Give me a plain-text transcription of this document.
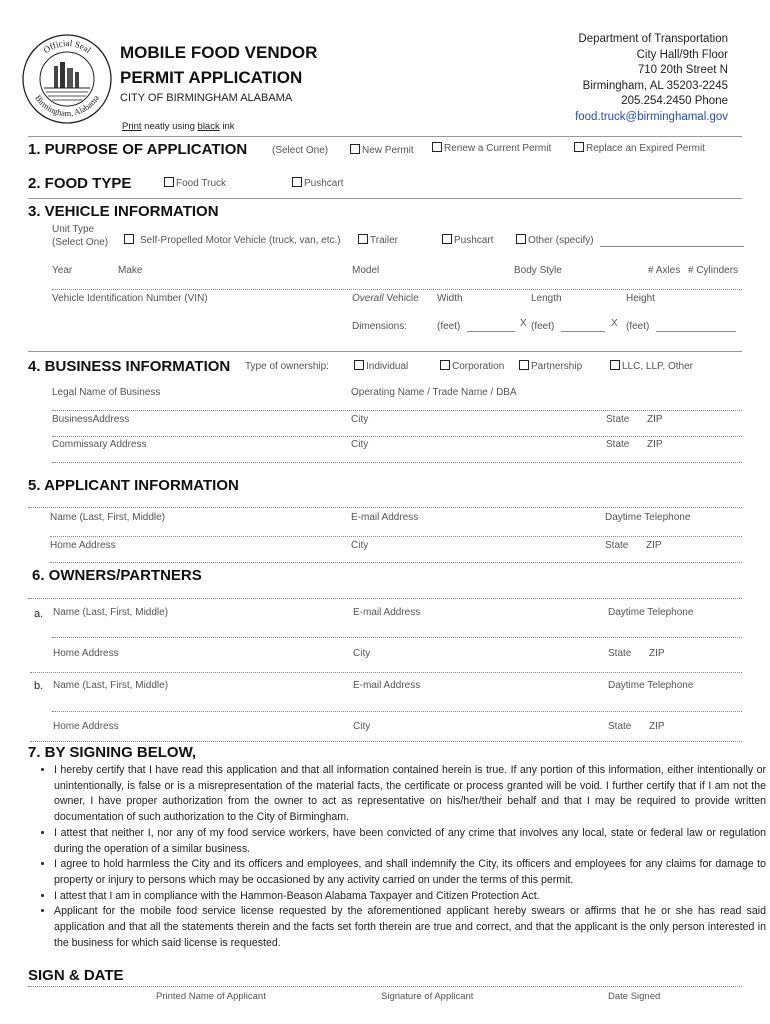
Official Seal
Birmingham, Alabama
MOBILE FOOD VENDOR
PERMIT APPLICATION
CITY OF BIRMINGHAM ALABAMA
Print neatly using black ink
Department of Transportation
City Hall/9th Floor
710 20th Street N
Birmingham, AL 35203-2245
205.254.2450 Phone
food.truck@birminghamal.gov
1. PURPOSE OF APPLICATION (Select One)	New Permit	Renew a Current Permit	Replace an Expired Permit
2. FOOD TYPE	Food Truck	Pushcart
3. VEHICLE INFORMATION
Unit Type
(Select One)	Self-Propelled Motor Vehicle (truck, van, etc.)	Trailer	Pushcart	Other (specify)
Year	Make	Model	Body Style	# Axles # Cylinders
Vehicle Identification Number (VIN)	Overall Vehicle Width	Length	Height
Dimensions:	(feet)	X (feet)	X (feet)
4. BUSINESS INFORMATION Type of ownership:	Individual	Corporation	Partnership	LLC, LLP, Other
Legal Name of Business	Operating Name / Trade Name / DBA
BusinessAddress	City	State ZIP
Commissary Address	City	State ZIP
5. APPLICANT INFORMATION
Name (Last, First, Middle)	E-mail Address	Daytime Telephone
Home Address	City	State ZIP
6. OWNERS/PARTNERS
a. Name (Last, First, Middle)	E-mail Address	Daytime Telephone
Home Address	City	State ZIP
b. Name (Last, First, Middle)	E-mail Address	Daytime Telephone
Home Address	City	State ZIP
7. BY SIGNING BELOW,
• I hereby certify that I have read this application and that all information contained herein is true. If any portion of this information, either intentionally or unintentionally, is false or is a misrepresentation of the material facts, the certificate or process granted will be void. I further certify that if I am not the owner, I have proper authorization from the owner to act as representative on his/her/their behalf and that I may be required to provide written documentation of such authorization to the City of Birmingham.
• I attest that neither I, nor any of my food service workers, have been convicted of any crime that involves any local, state or federal law or regulation during the operation of a similar business.
• I agree to hold harmless the City and its officers and employees, and shall indemnify the City, its officers and employees for any claims for damage to property or injury to persons which may be occasioned by any activity carried on under the terms of this permit.
• I attest that I am in compliance with the Hammon-Beason Alabama Taxpayer and Citizen Protection Act.
• Applicant for the mobile food service license requested by the aforementioned applicant hereby swears or affirms that he or she has read said application and that all the statements therein and the facts set forth therein are true and correct, and that the applicant is the only person interested in the business for which said license is requested.
SIGN & DATE
Printed Name of Applicant	Signature of Applicant	Date Signed
